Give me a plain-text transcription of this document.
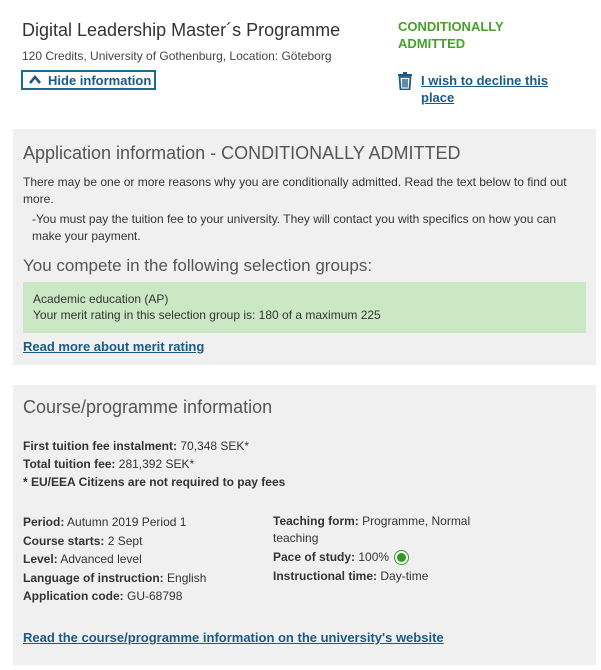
Digital Leadership Master´s Programme
120 Credits, University of Gothenburg, Location: Göteborg
Hide information
CONDITIONALLY ADMITTED
I wish to decline this place
Application information - CONDITIONALLY ADMITTED
There may be one or more reasons why you are conditionally admitted. Read the text below to find out more.
-You must pay the tuition fee to your university. They will contact you with specifics on how you can make your payment.
You compete in the following selection groups:
Academic education (AP)
Your merit rating in this selection group is: 180 of a maximum 225
Read more about merit rating
Course/programme information
First tuition fee instalment: 70,348 SEK*
Total tuition fee: 281,392 SEK*
* EU/EEA Citizens are not required to pay fees
Period: Autumn 2019 Period 1
Course starts: 2 Sept
Level: Advanced level
Language of instruction: English
Application code: GU-68798
Teaching form: Programme, Normal teaching
Pace of study: 100%
Instructional time: Day-time
Read the course/programme information on the university's website
